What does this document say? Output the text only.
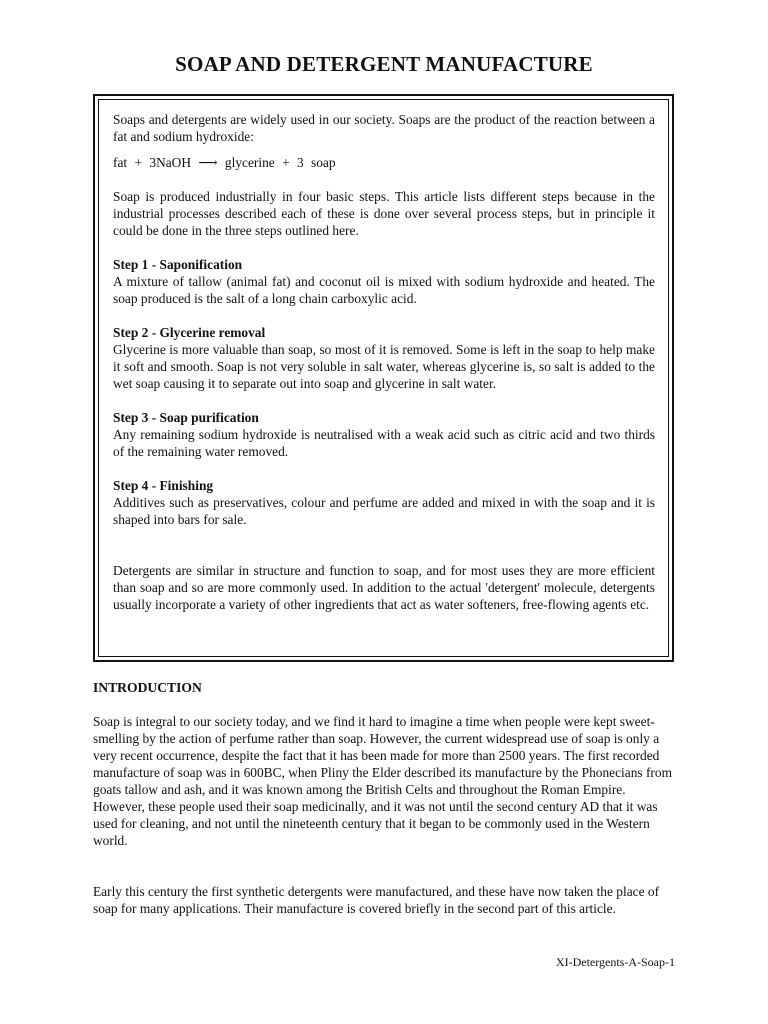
SOAP AND DETERGENT MANUFACTURE

Soaps and detergents are widely used in our society. Soaps are the product of the reaction between a fat and sodium hydroxide:

fat + 3NaOH ⟶ glycerine + 3 soap

Soap is produced industrially in four basic steps. This article lists different steps because in the industrial processes described each of these is done over several process steps, but in principle it could be done in the three steps outlined here.

Step 1 - Saponification

A mixture of tallow (animal fat) and coconut oil is mixed with sodium hydroxide and heated. The soap produced is the salt of a long chain carboxylic acid.

Step 2 - Glycerine removal

Glycerine is more valuable than soap, so most of it is removed. Some is left in the soap to help make it soft and smooth. Soap is not very soluble in salt water, whereas glycerine is, so salt is added to the wet soap causing it to separate out into soap and glycerine in salt water.

Step 3 - Soap purification

Any remaining sodium hydroxide is neutralised with a weak acid such as citric acid and two thirds of the remaining water removed.

Step 4 - Finishing

Additives such as preservatives, colour and perfume are added and mixed in with the soap and it is shaped into bars for sale.

Detergents are similar in structure and function to soap, and for most uses they are more efficient than soap and so are more commonly used. In addition to the actual 'detergent' molecule, detergents usually incorporate a variety of other ingredients that act as water softeners, free-flowing agents etc.

INTRODUCTION

Soap is integral to our society today, and we find it hard to imagine a time when people were kept sweet-smelling by the action of perfume rather than soap. However, the current widespread use of soap is only a very recent occurrence, despite the fact that it has been made for more than 2500 years. The first recorded manufacture of soap was in 600BC, when Pliny the Elder described its manufacture by the Phonecians from goats tallow and ash, and it was known among the British Celts and throughout the Roman Empire. However, these people used their soap medicinally, and it was not until the second century AD that it was used for cleaning, and not until the nineteenth century that it began to be commonly used in the Western world.

Early this century the first synthetic detergents were manufactured, and these have now taken the place of soap for many applications. Their manufacture is covered briefly in the second part of this article.

XI-Detergents-A-Soap-1
